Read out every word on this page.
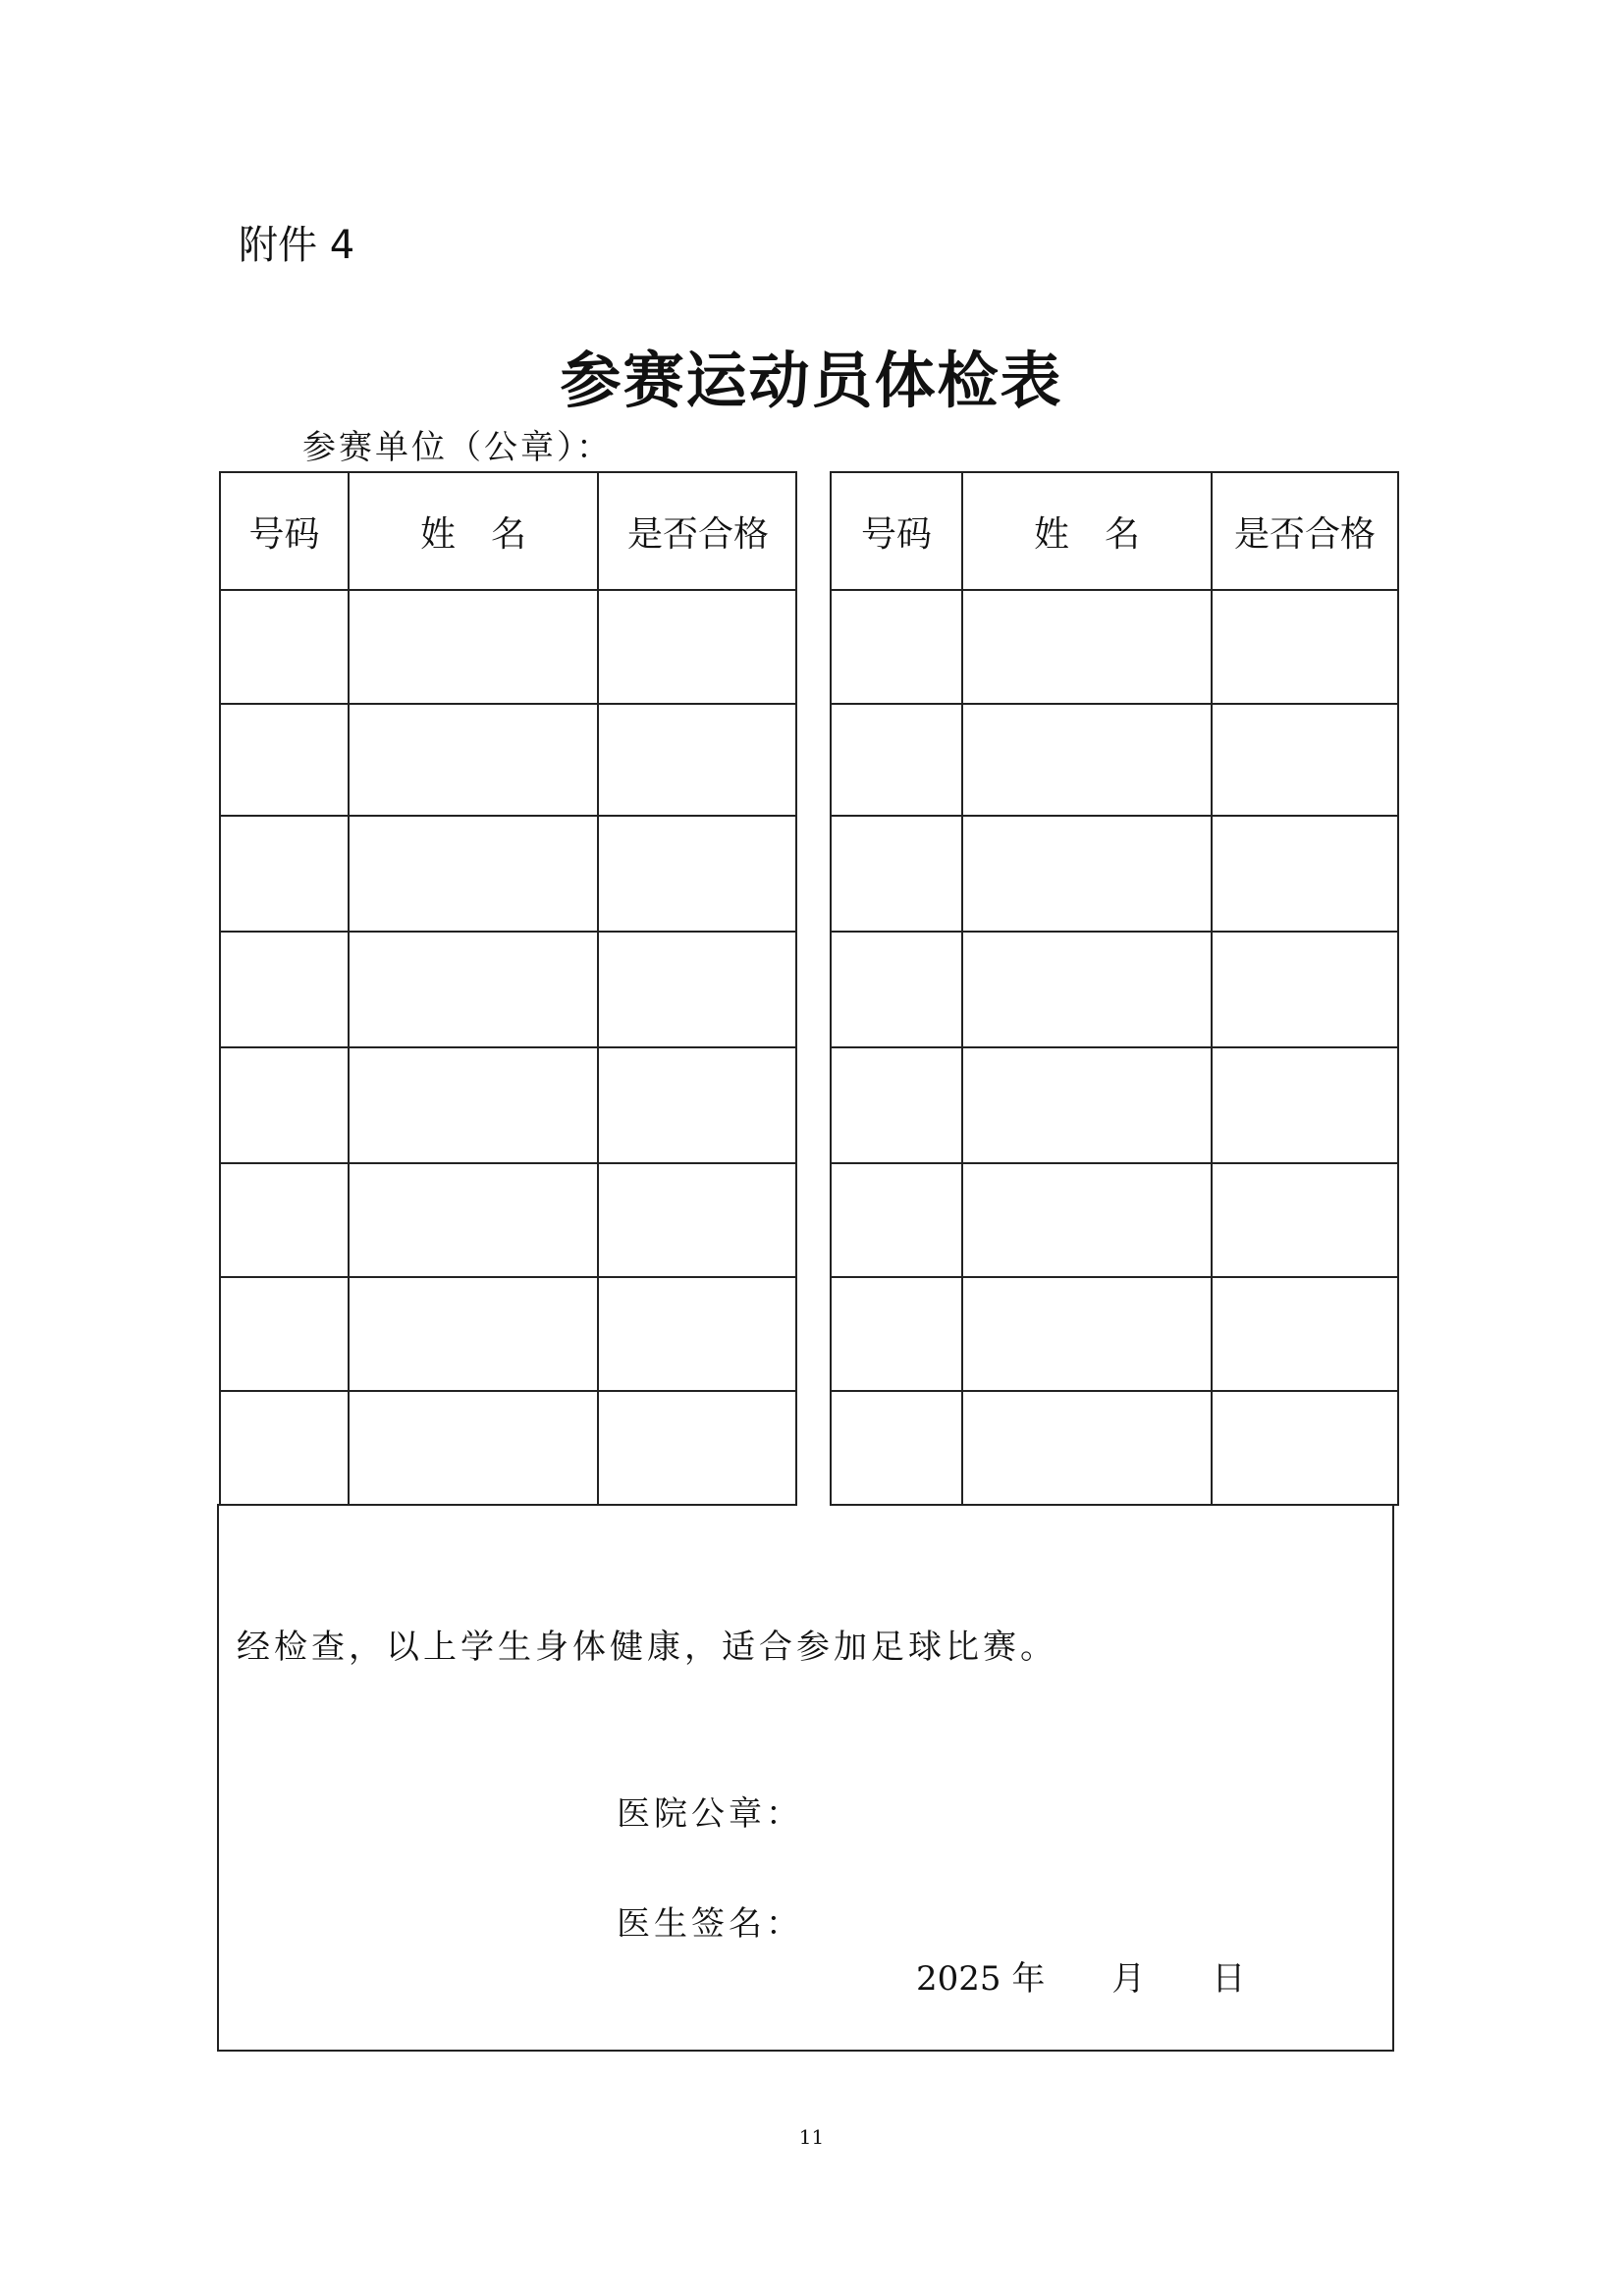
附件 4
参赛运动员体检表
参赛单位（公章）：
号码	姓　名	是否合格	号码	姓　名	是否合格
经检查，以上学生身体健康，适合参加足球比赛。
医院公章：
医生签名：
2025 年　　月　　日
11
